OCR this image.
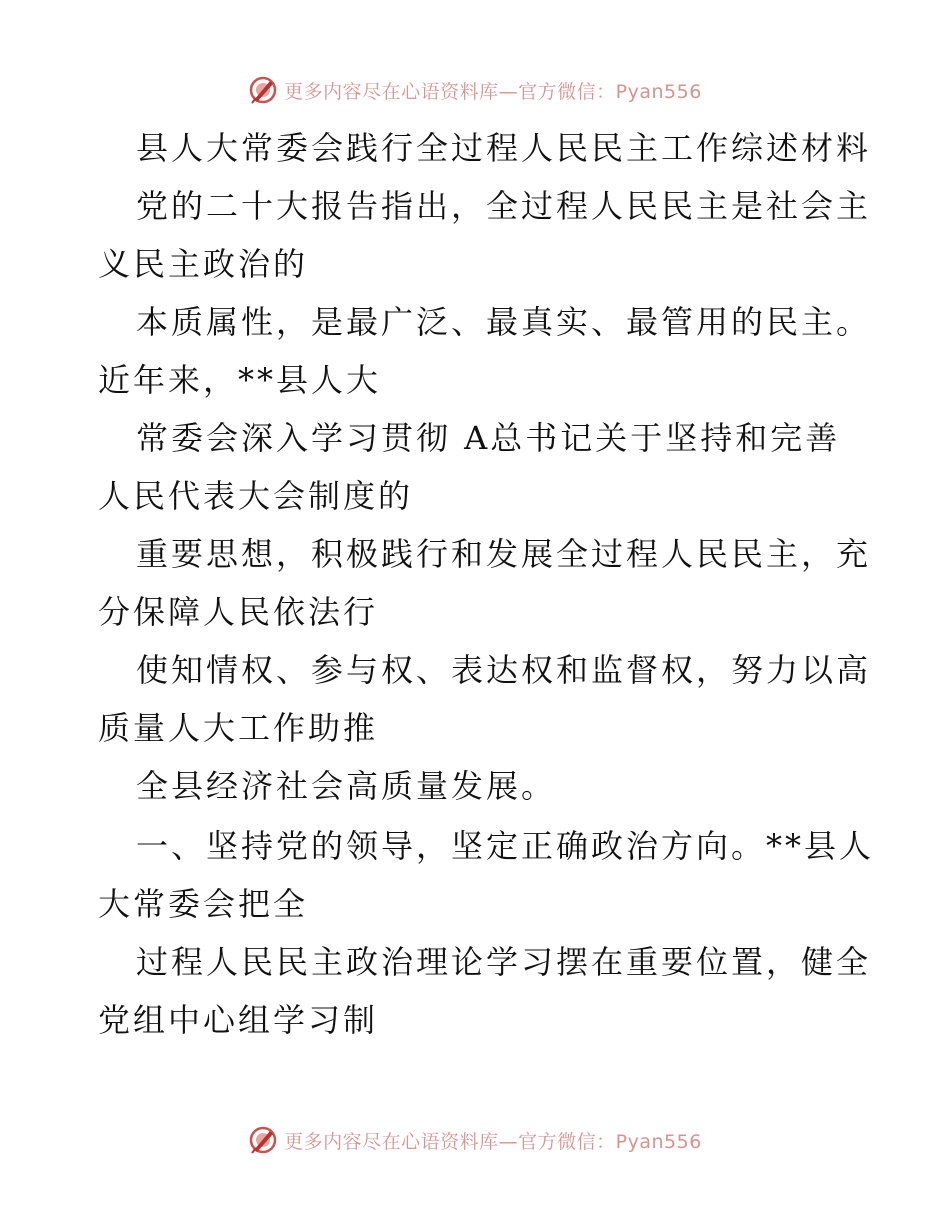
更多内容尽在心语资料库—官方微信：Pyan556
县人大常委会践行全过程人民民主工作综述材料
党的二十大报告指出，全过程人民民主是社会主
义民主政治的
本质属性，是最广泛、最真实、最管用的民主。
近年来，**县人大
常委会深入学习贯彻 A总书记关于坚持和完善
人民代表大会制度的
重要思想，积极践行和发展全过程人民民主，充
分保障人民依法行
使知情权、参与权、表达权和监督权，努力以高
质量人大工作助推
全县经济社会高质量发展。
一、坚持党的领导，坚定正确政治方向。**县人
大常委会把全
过程人民民主政治理论学习摆在重要位置，健全
党组中心组学习制
更多内容尽在心语资料库—官方微信：Pyan556
